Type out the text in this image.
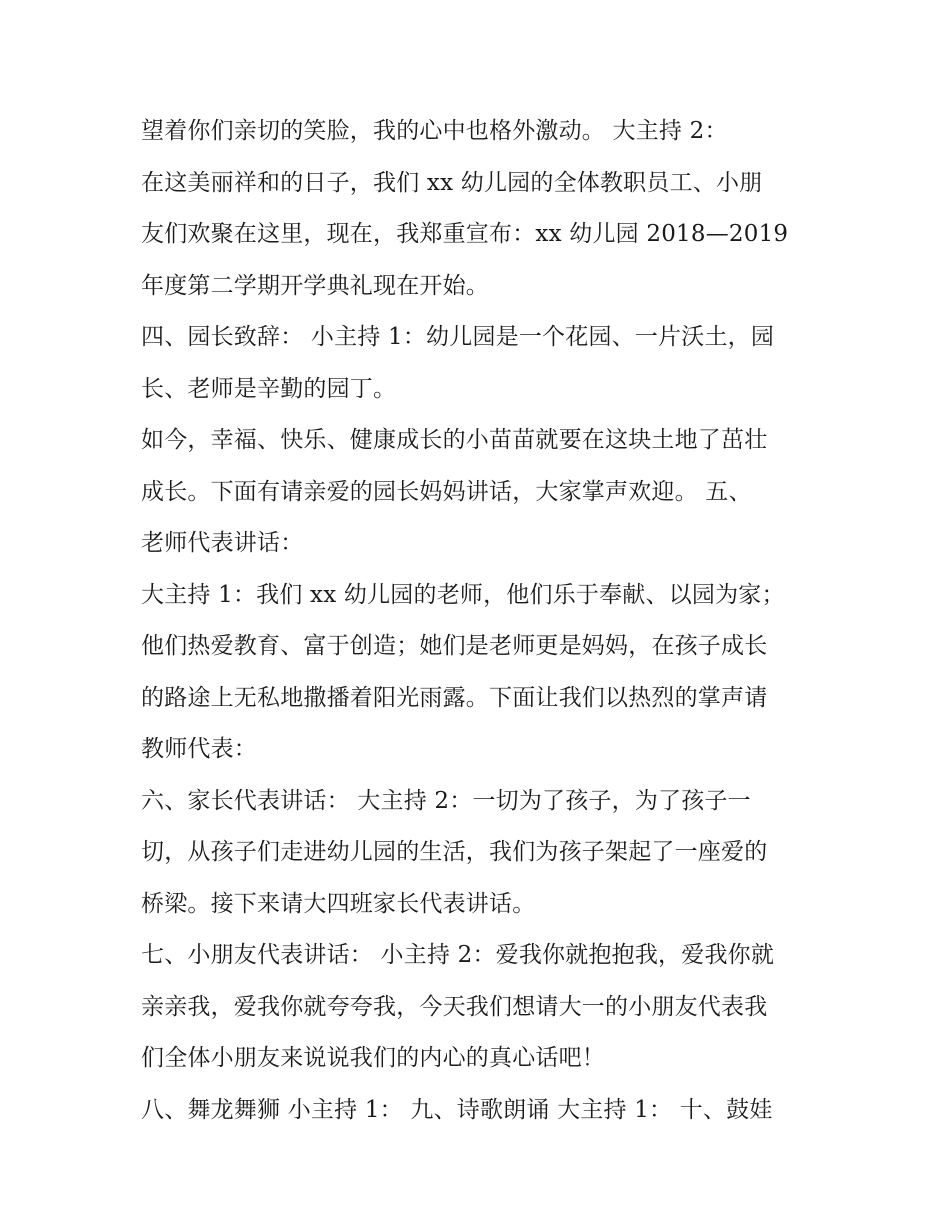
望着你们亲切的笑脸，我的心中也格外激动。 大主持 2：
在这美丽祥和的日子，我们 xx 幼儿园的全体教职员工、小朋
友们欢聚在这里，现在，我郑重宣布：xx 幼儿园 2018—2019
年度第二学期开学典礼现在开始。
四、园长致辞： 小主持 1：幼儿园是一个花园、一片沃土，园
长、老师是辛勤的园丁。
如今，幸福、快乐、健康成长的小苗苗就要在这块土地了茁壮
成长。下面有请亲爱的园长妈妈讲话，大家掌声欢迎。 五、
老师代表讲话：
大主持 1：我们 xx 幼儿园的老师，他们乐于奉献、以园为家；
他们热爱教育、富于创造；她们是老师更是妈妈，在孩子成长
的路途上无私地撒播着阳光雨露。下面让我们以热烈的掌声请
教师代表：
六、家长代表讲话： 大主持 2：一切为了孩子，为了孩子一
切，从孩子们走进幼儿园的生活，我们为孩子架起了一座爱的
桥梁。接下来请大四班家长代表讲话。
七、小朋友代表讲话： 小主持 2：爱我你就抱抱我，爱我你就
亲亲我，爱我你就夸夸我，今天我们想请大一的小朋友代表我
们全体小朋友来说说我们的内心的真心话吧！
八、舞龙舞狮 小主持 1： 九、诗歌朗诵 大主持 1： 十、鼓娃
